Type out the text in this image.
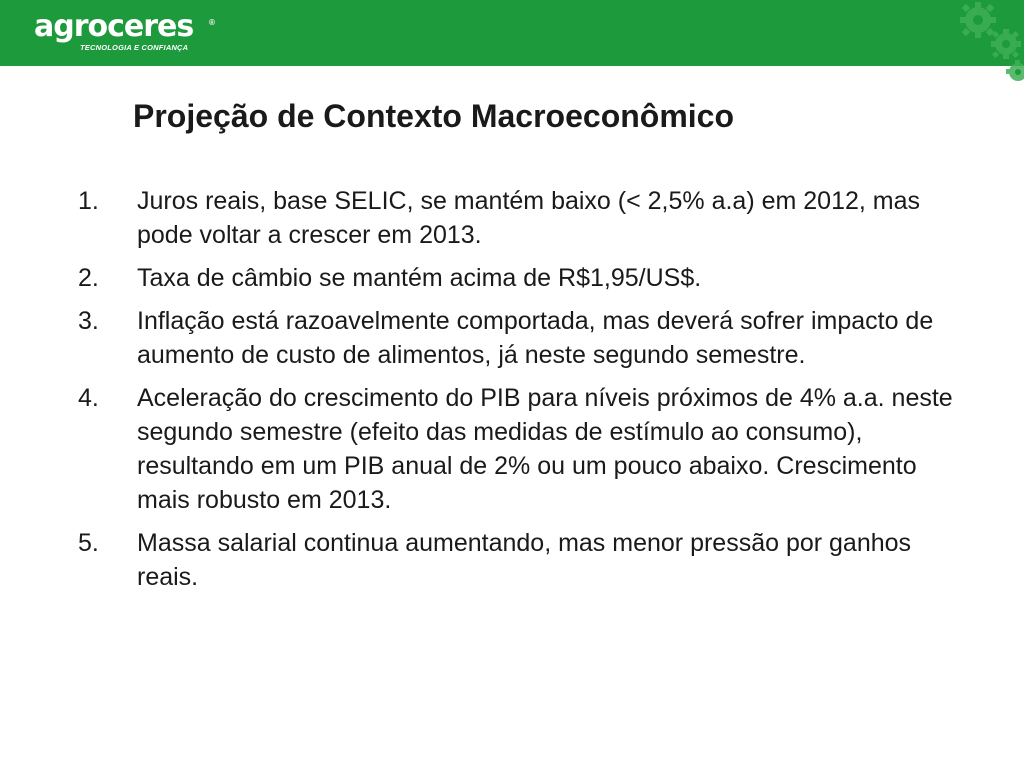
agroceres ®
TECNOLOGIA E CONFIANÇA
Projeção de Contexto Macroeconômico
1. Juros reais, base SELIC, se mantém baixo (< 2,5% a.a) em 2012, mas pode voltar a crescer em 2013.
2. Taxa de câmbio se mantém acima de R$1,95/US$.
3. Inflação está razoavelmente comportada, mas deverá sofrer impacto de aumento de custo de alimentos, já neste segundo semestre.
4. Aceleração do crescimento do PIB para níveis próximos de 4% a.a. neste segundo semestre (efeito das medidas de estímulo ao consumo), resultando em um PIB anual de 2% ou um pouco abaixo. Crescimento mais robusto em 2013.
5. Massa salarial continua aumentando, mas menor pressão por ganhos reais.
